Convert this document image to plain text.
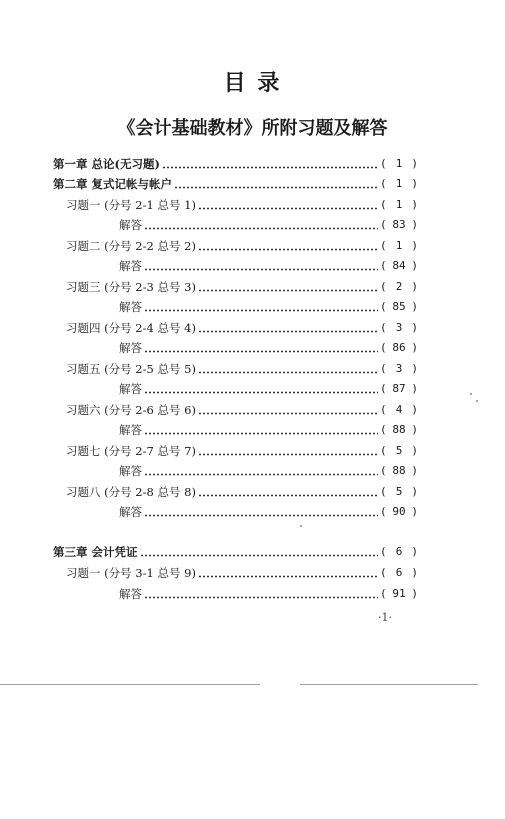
目 录
《会计基础教材》所附习题及解答
第一章 总论(无习题)	( 1 )
第二章 复式记帐与帐户	( 1 )
习题一 (分号 2-1 总号 1)	( 1 )
解答	( 83 )
习题二 (分号 2-2 总号 2)	( 1 )
解答	( 84 )
习题三 (分号 2-3 总号 3)	( 2 )
解答	( 85 )
习题四 (分号 2-4 总号 4)	( 3 )
解答	( 86 )
习题五 (分号 2-5 总号 5)	( 3 )
解答	( 87 )
习题六 (分号 2-6 总号 6)	( 4 )
解答	( 88 )
习题七 (分号 2-7 总号 7)	( 5 )
解答	( 88 )
习题八 (分号 2-8 总号 8)	( 5 )
解答	( 90 )
第三章 会计凭证	( 6 )
习题一 (分号 3-1 总号 9)	( 6 )
解答	( 91 )
·1·
